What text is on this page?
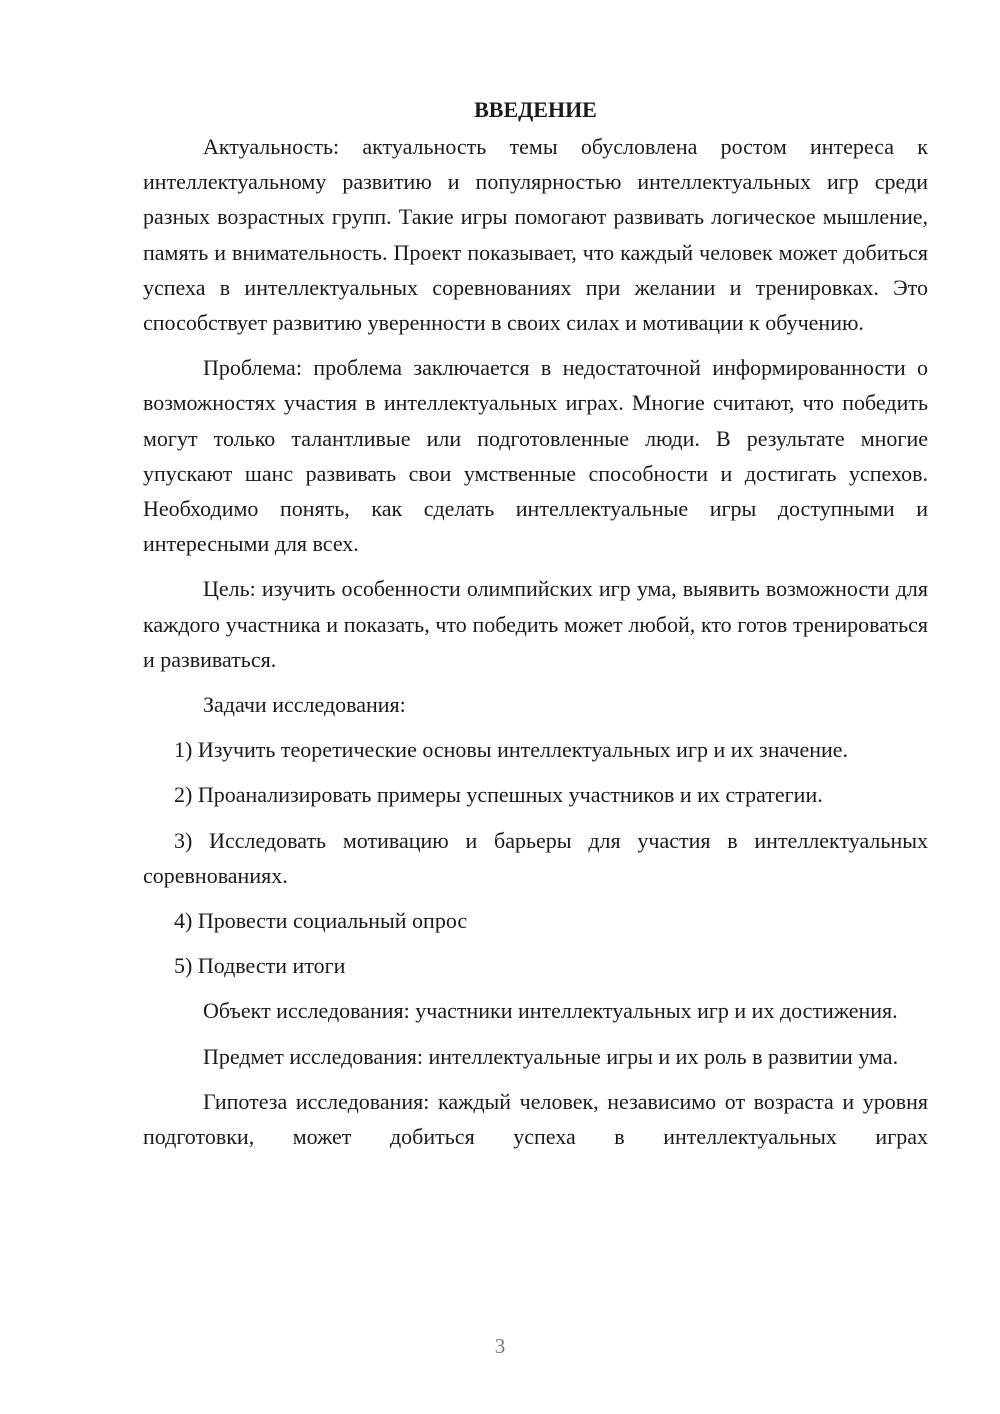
ВВЕДЕНИЕ

Актуальность: актуальность темы обусловлена ростом интереса к интеллектуальному развитию и популярностью интеллектуальных игр среди разных возрастных групп. Такие игры помогают развивать логическое мышление, память и внимательность. Проект показывает, что каждый человек может добиться успеха в интеллектуальных соревнованиях при желании и тренировках. Это способствует развитию уверенности в своих силах и мотивации к обучению.

Проблема: проблема заключается в недостаточной информированности о возможностях участия в интеллектуальных играх. Многие считают, что победить могут только талантливые или подготовленные люди. В результате многие упускают шанс развивать свои умственные способности и достигать успехов. Необходимо понять, как сделать интеллектуальные игры доступными и интересными для всех.

Цель: изучить особенности олимпийских игр ума, выявить возможности для каждого участника и показать, что победить может любой, кто готов тренироваться и развиваться.

Задачи исследования:

1) Изучить теоретические основы интеллектуальных игр и их значение.

2) Проанализировать примеры успешных участников и их стратегии.

3) Исследовать мотивацию и барьеры для участия в интеллектуальных соревнованиях.

4) Провести социальный опрос

5) Подвести итоги

Объект исследования: участники интеллектуальных игр и их достижения.

Предмет исследования: интеллектуальные игры и их роль в развитии ума.

Гипотеза исследования: каждый человек, независимо от возраста и уровня подготовки, может добиться успеха в интеллектуальных играх

3
